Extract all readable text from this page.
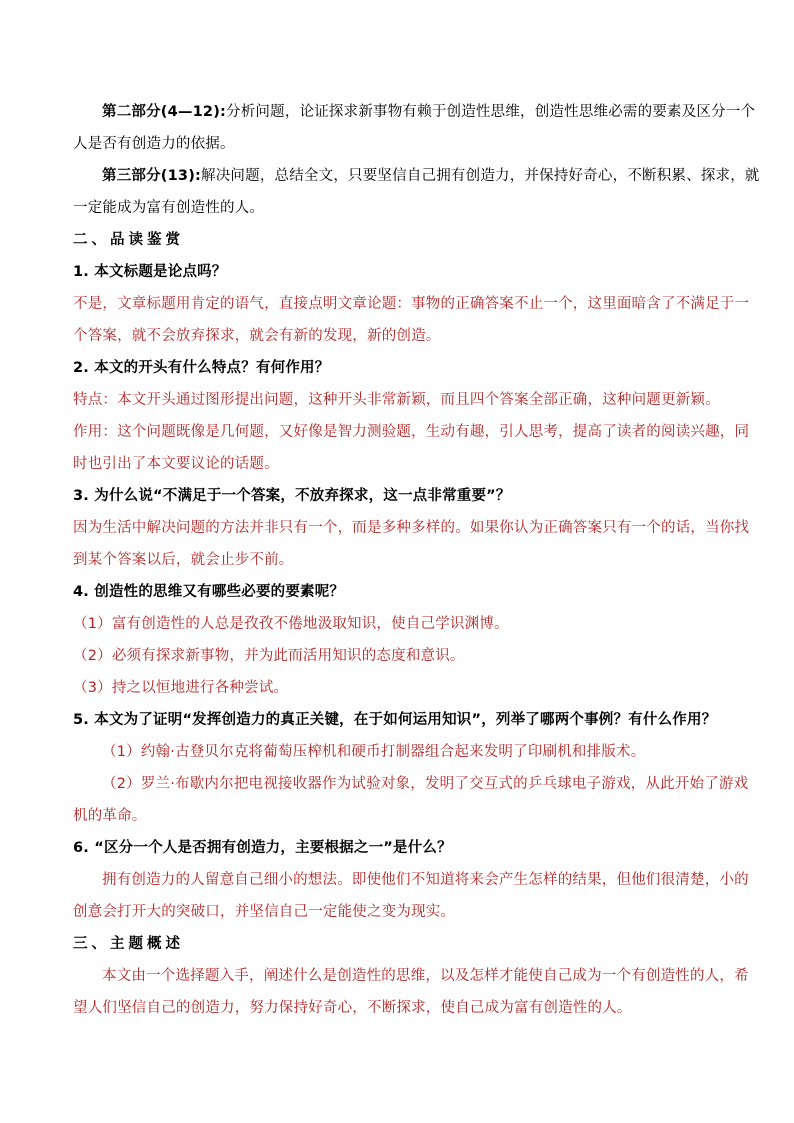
第二部分(4—12):分析问题，论证探求新事物有赖于创造性思维，创造性思维必需的要素及区分一个
人是否有创造力的依据。
第三部分(13):解决问题，总结全文，只要坚信自己拥有创造力，并保持好奇心，不断积累、探求，就
一定能成为富有创造性的人。
二、品读鉴赏
1. 本文标题是论点吗？
不是，文章标题用肯定的语气，直接点明文章论题：事物的正确答案不止一个，这里面暗含了不满足于一
个答案，就不会放弃探求，就会有新的发现，新的创造。
2. 本文的开头有什么特点？有何作用？
特点：本文开头通过图形提出问题，这种开头非常新颖，而且四个答案全部正确，这种问题更新颖。
作用：这个问题既像是几何题，又好像是智力测验题，生动有趣，引人思考，提高了读者的阅读兴趣，同
时也引出了本文要议论的话题。
3. 为什么说“不满足于一个答案，不放弃探求，这一点非常重要”？
因为生活中解决问题的方法并非只有一个，而是多种多样的。如果你认为正确答案只有一个的话，当你找
到某个答案以后，就会止步不前。
4. 创造性的思维又有哪些必要的要素呢？
（1）富有创造性的人总是孜孜不倦地汲取知识，使自己学识渊博。
（2）必须有探求新事物，并为此而活用知识的态度和意识。
（3）持之以恒地进行各种尝试。
5. 本文为了证明“发挥创造力的真正关键，在于如何运用知识”，列举了哪两个事例？有什么作用？
（1）约翰·古登贝尔克将葡萄压榨机和硬币打制器组合起来发明了印刷机和排版术。
（2）罗兰·布歇内尔把电视接收器作为试验对象，发明了交互式的乒乓球电子游戏，从此开始了游戏
机的革命。
6. “区分一个人是否拥有创造力，主要根据之一”是什么？
拥有创造力的人留意自己细小的想法。即使他们不知道将来会产生怎样的结果，但他们很清楚，小的
创意会打开大的突破口，并坚信自己一定能使之变为现实。
三、主题概述
本文由一个选择题入手，阐述什么是创造性的思维，以及怎样才能使自己成为一个有创造性的人，希
望人们坚信自己的创造力，努力保持好奇心，不断探求，使自己成为富有创造性的人。
